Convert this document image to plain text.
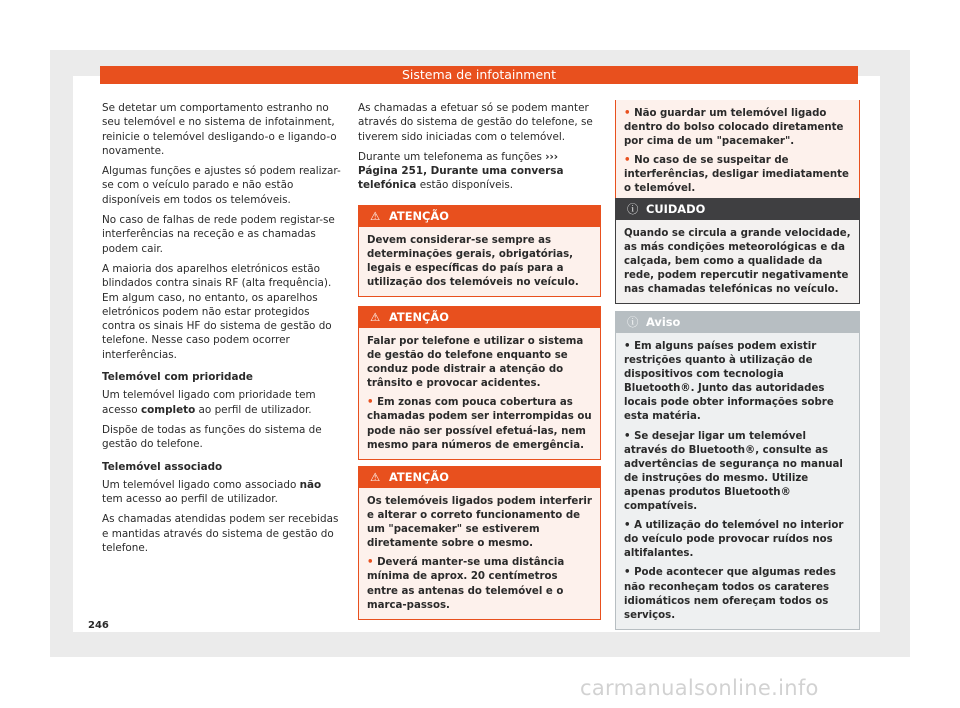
Sistema de infotainment

Se detetar um comportamento estranho no seu telemóvel e no sistema de infotainment, reinicie o telemóvel desligando-o e ligando-o novamente.

Algumas funções e ajustes só podem realizar-se com o veículo parado e não estão disponíveis em todos os telemóveis.

No caso de falhas de rede podem registar-se interferências na receção e as chamadas podem cair.

A maioria dos aparelhos eletrónicos estão blindados contra sinais RF (alta frequência). Em algum caso, no entanto, os aparelhos eletrónicos podem não estar protegidos contra os sinais HF do sistema de gestão do telefone. Nesse caso podem ocorrer interferências.

Telemóvel com prioridade

Um telemóvel ligado com prioridade tem acesso completo ao perfil de utilizador.

Dispõe de todas as funções do sistema de gestão do telefone.

Telemóvel associado

Um telemóvel ligado como associado não tem acesso ao perfil de utilizador.

As chamadas atendidas podem ser recebidas e mantidas através do sistema de gestão do telefone.

As chamadas a efetuar só se podem manter através do sistema de gestão do telefone, se tiverem sido iniciadas com o telemóvel.

Durante um telefonema as funções ››› Página 251, Durante uma conversa telefónica estão disponíveis.

⚠ ATENÇÃO

Devem considerar-se sempre as determinações gerais, obrigatórias, legais e específicas do país para a utilização dos telemóveis no veículo.

⚠ ATENÇÃO

Falar por telefone e utilizar o sistema de gestão do telefone enquanto se conduz pode distrair a atenção do trânsito e provocar acidentes.

• Em zonas com pouca cobertura as chamadas podem ser interrompidas ou pode não ser possível efetuá-las, nem mesmo para números de emergência.

⚠ ATENÇÃO

Os telemóveis ligados podem interferir e alterar o correto funcionamento de um "pacemaker" se estiverem diretamente sobre o mesmo.

• Deverá manter-se uma distância mínima de aprox. 20 centímetros entre as antenas do telemóvel e o marca-passos.

• Não guardar um telemóvel ligado dentro do bolso colocado diretamente por cima de um "pacemaker".

• No caso de se suspeitar de interferências, desligar imediatamente o telemóvel.

ⓘ CUIDADO

Quando se circula a grande velocidade, as más condições meteorológicas e da calçada, bem como a qualidade da rede, podem repercutir negativamente nas chamadas telefónicas no veículo.

ⓘ Aviso

• Em alguns países podem existir restrições quanto à utilização de dispositivos com tecnologia Bluetooth®. Junto das autoridades locais pode obter informações sobre esta matéria.

• Se desejar ligar um telemóvel através do Bluetooth®, consulte as advertências de segurança no manual de instruções do mesmo. Utilize apenas produtos Bluetooth® compatíveis.

• A utilização do telemóvel no interior do veículo pode provocar ruídos nos altifalantes.

• Pode acontecer que algumas redes não reconheçam todos os carateres idiomáticos nem ofereçam todos os serviços.

246
carmanualsonline.info
